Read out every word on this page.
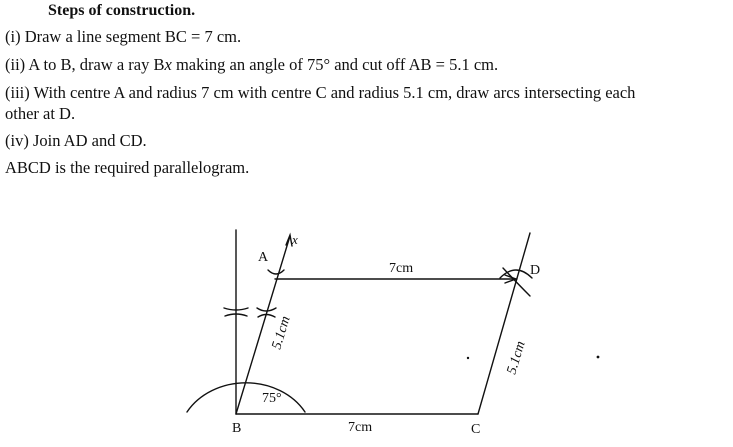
Steps of construction.

(i) Draw a line segment BC = 7 cm.

(ii) A to B, draw a ray Bx making an angle of 75° and cut off AB = 5.1 cm.

(iii) With centre A and radius 7 cm with centre C and radius 5.1 cm, draw arcs intersecting each

other at D.

(iv) Join AD and CD.

ABCD is the required parallelogram.

A
B	C
D
x
7cm
7cm
5.1cm
5.1cm
75°
